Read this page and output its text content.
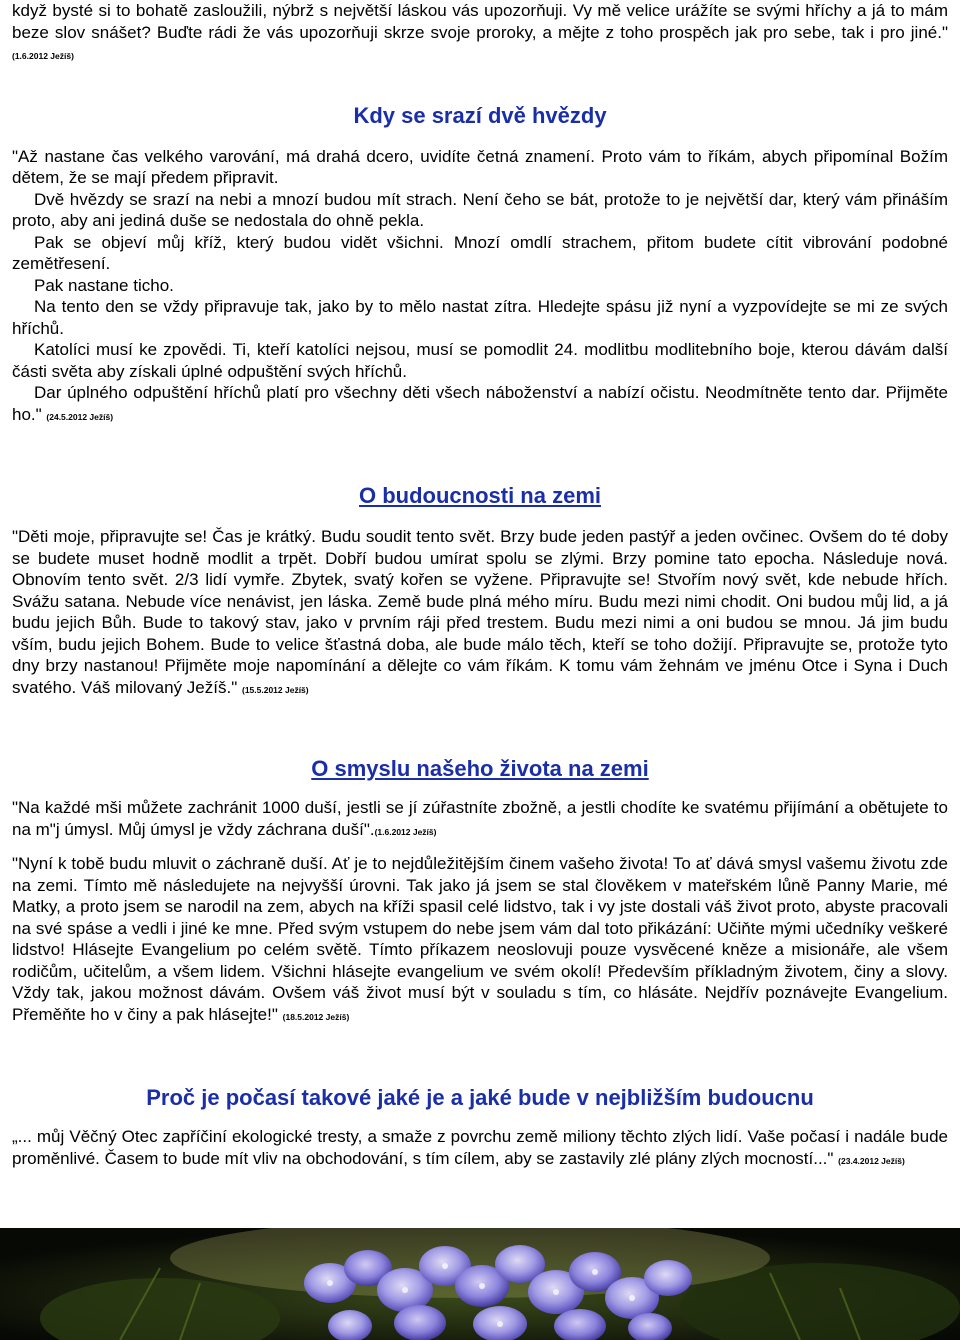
když bysté si to bohatě zasloužili, nýbrž s největší láskou vás upozorňuji. Vy mě velice urážíte se svými hříchy a já to mám beze slov snášet? Buďte rádi že vás upozorňuji skrze svoje proroky, a mějte z toho prospěch jak pro sebe, tak i pro jiné." (1.6.2012 Ježíš)

Kdy se srazí dvě hvězdy

"Až nastane čas velkého varování, má drahá dcero, uvidíte četná znamení. Proto vám to říkám, abych připomínal Božím dětem, že se mají předem připravit.

Dvě hvězdy se srazí na nebi a mnozí budou mít strach. Není čeho se bát, protože to je největší dar, který vám přináším proto, aby ani jediná duše se nedostala do ohně pekla.

Pak se objeví můj kříž, který budou vidět všichni. Mnozí omdlí strachem, přitom budete cítit vibrování podobné zemětřesení.

Pak nastane ticho.

Na tento den se vždy připravuje tak, jako by to mělo nastat zítra. Hledejte spásu již nyní a vyzpovídejte se mi ze svých hříchů.

Katolíci musí ke zpovědi. Ti, kteří katolíci nejsou, musí se pomodlit 24. modlitbu modlitebního boje, kterou dávám další části světa aby získali úplné odpuštění svých hříchů.

Dar úplného odpuštění hříchů platí pro všechny děti všech náboženství a nabízí očistu. Neodmítněte tento dar. Přijměte ho." (24.5.2012 Ježíš)

O budoucnosti na zemi

"Děti moje, připravujte se! Čas je krátký. Budu soudit tento svět. Brzy bude jeden pastýř a jeden ovčinec. Ovšem do té doby se budete muset hodně modlit a trpět. Dobří budou umírat spolu se zlými. Brzy pomine tato epocha. Následuje nová. Obnovím tento svět. 2/3 lidí vymře. Zbytek, svatý kořen se vyžene. Připravujte se! Stvořím nový svět, kde nebude hřích. Svážu satana. Nebude více nenávist, jen láska. Země bude plná mého míru. Budu mezi nimi chodit. Oni budou můj lid, a já budu jejich Bůh. Bude to takový stav, jako v prvním ráji před trestem. Budu mezi nimi a oni budou se mnou. Já jim budu vším, budu jejich Bohem. Bude to velice šťastná doba, ale bude málo těch, kteří se toho dožijí. Připravujte se, protože tyto dny brzy nastanou! Přijměte moje napomínání a dělejte co vám říkám. K tomu vám žehnám ve jménu Otce i Syna i Duch svatého. Váš milovaný Ježíš." (15.5.2012 Ježíš)

O smyslu našeho života na zemi

"Na každé mši můžete zachránit 1000 duší, jestli se jí zúřastníte zbožně, a jestli chodíte ke svatému přijímání a obětujete to na m"j úmysl. Můj úmysl je vždy záchrana duší".(1.6.2012 Ježíš)

"Nyní k tobě budu mluvit o záchraně duší. Ať je to nejdůležitějším činem vašeho života! To ať dává smysl vašemu životu zde na zemi. Tímto mě následujete na nejvyšší úrovni. Tak jako já jsem se stal člověkem v mateřském lůně Panny Marie, mé Matky, a proto jsem se narodil na zem, abych na kříži spasil celé lidstvo, tak i vy jste dostali váš život proto, abyste pracovali na své spáse a vedli i jiné ke mne. Před svým vstupem do nebe jsem vám dal toto přikázání: Učiňte mými učedníky veškeré lidstvo! Hlásejte Evangelium po celém světě. Tímto příkazem neoslovuji pouze vysvěcené kněze a misionáře, ale všem rodičům, učitelům, a všem lidem. Všichni hlásejte evangelium ve svém okolí! Především příkladným životem, činy a slovy. Vždy tak, jakou možnost dávám. Ovšem váš život musí být v souladu s tím, co hlásáte. Nejdřív poznávejte Evangelium. Přeměňte ho v činy a pak hlásejte!" (18.5.2012 Ježíš)

Proč je počasí takové jaké je a jaké bude v nejbližším budoucnu

„... můj Věčný Otec zapříčiní ekologické tresty, a smaže z povrchu země miliony těchto zlých lidí. Vaše počasí i nadále bude proměnlivé. Časem to bude mít vliv na obchodování, s tím cílem, aby se zastavily zlé plány zlých mocností..." (23.4.2012 Ježíš)
